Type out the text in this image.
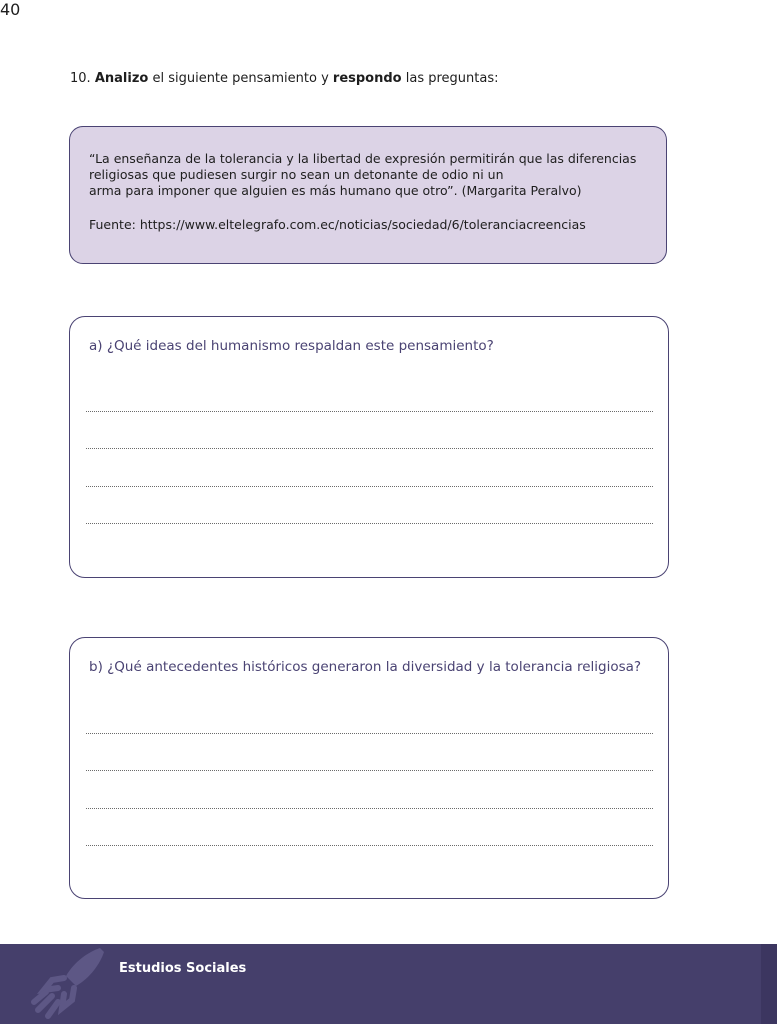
10. Analizo el siguiente pensamiento y respondo las preguntas:

“La enseñanza de la tolerancia y la libertad de expresión permitirán que las diferencias

religiosas que pudiesen surgir no sean un detonante de odio ni un

arma para imponer que alguien es más humano que otro”. (Margarita Peralvo)

Fuente: https://www.eltelegrafo.com.ec/noticias/sociedad/6/toleranciacreencias

a) ¿Qué ideas del humanismo respaldan este pensamiento?
b) ¿Qué antecedentes históricos generaron la diversidad y la tolerancia religiosa?
Estudios Sociales
40
